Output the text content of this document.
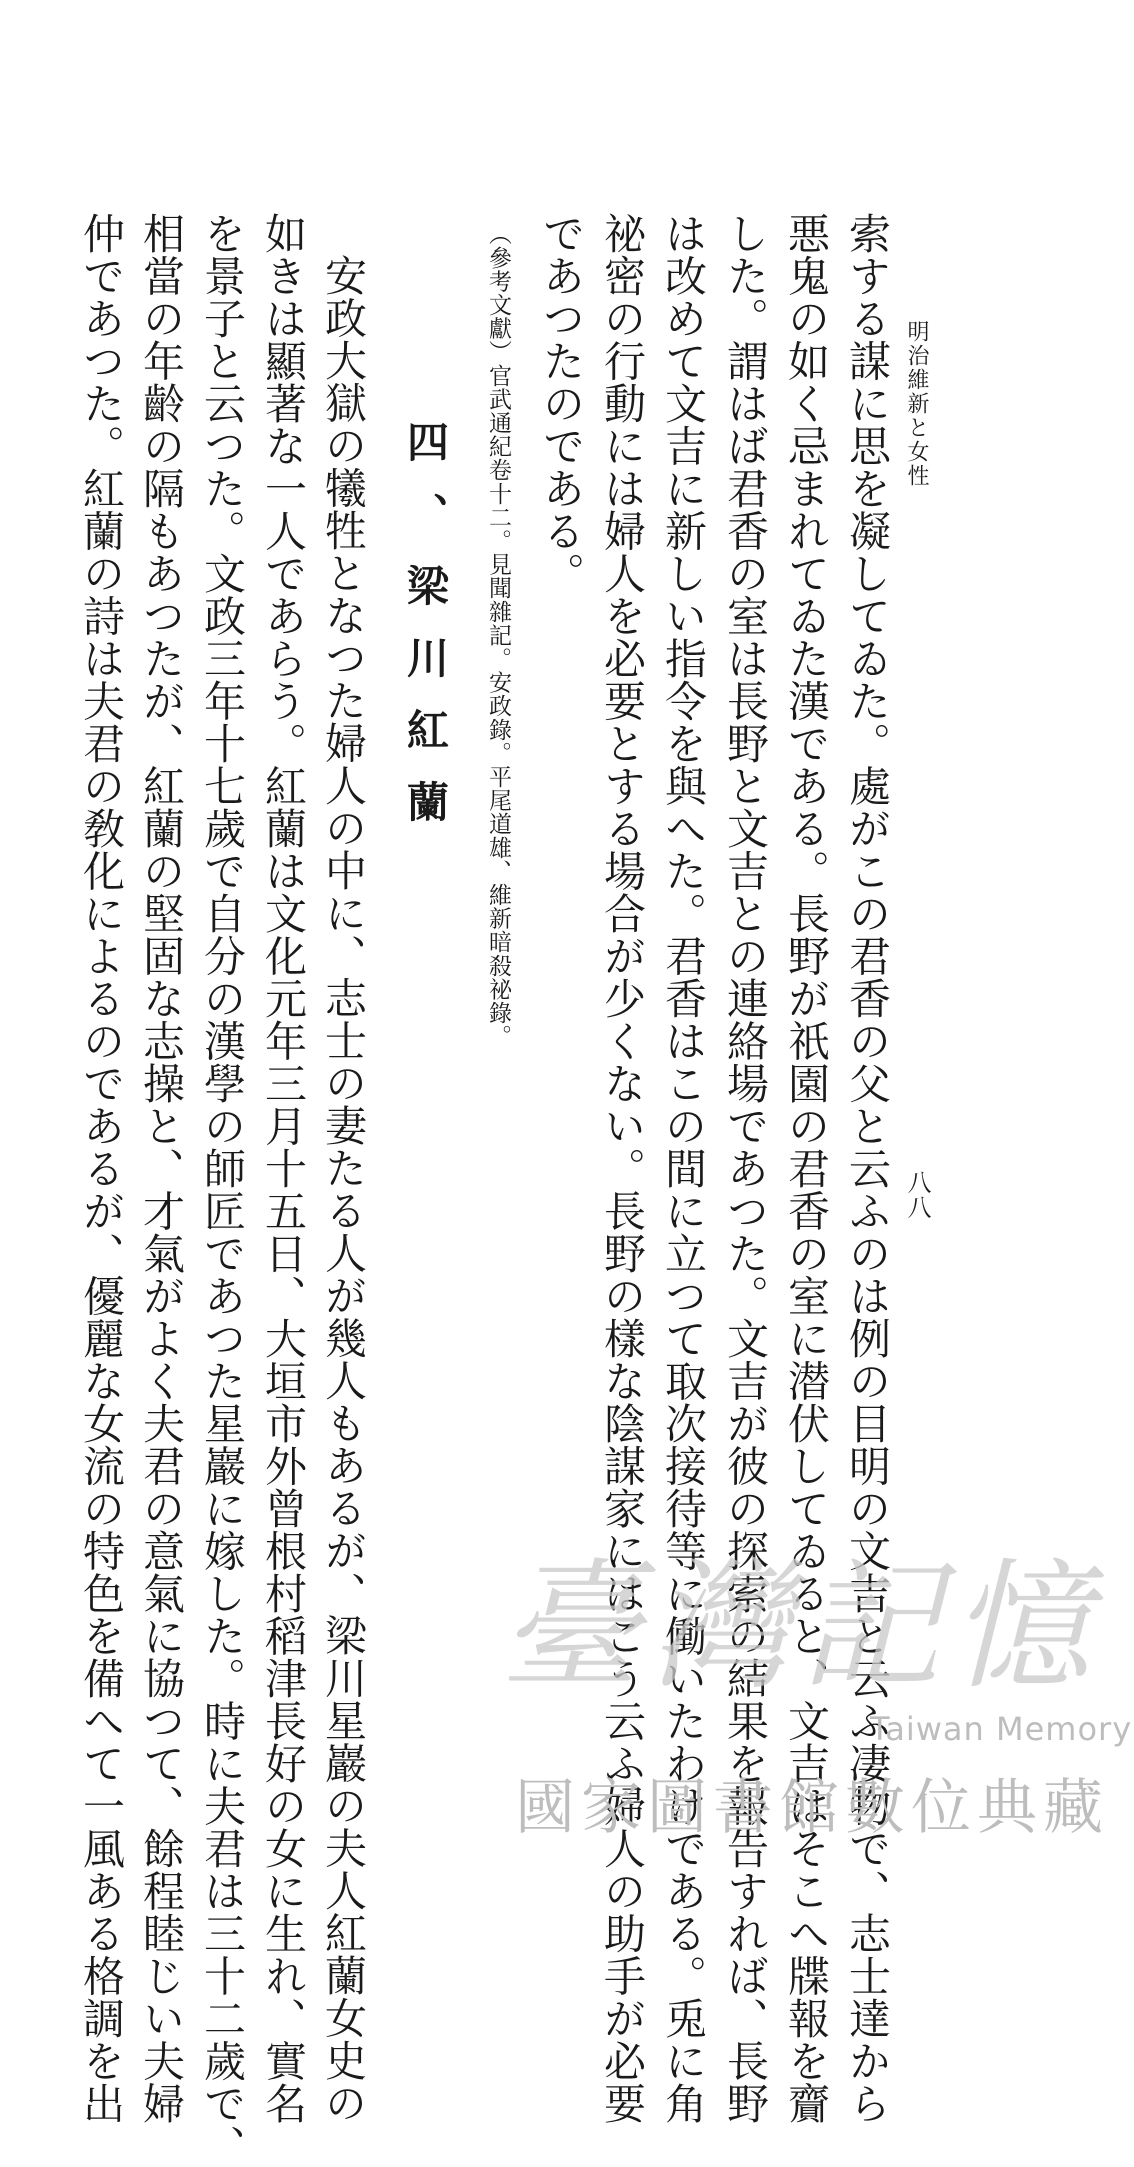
明治維新と女性
八八
索する謀に思を凝してゐた。處がこの君香の父と云ふのは例の目明の文吉と云ふ凄物で、志士達から
悪鬼の如く忌まれてゐた漢である。長野が祇園の君香の室に潜伏してゐると、文吉はそこへ牒報を齎
した。謂はば君香の室は長野と文吉との連絡場であつた。文吉が彼の探索の結果を報告すれば、長野
は改めて文吉に新しい指令を與へた。君香はこの間に立つて取次接待等に働いたわけである。兎に角
祕密の行動には婦人を必要とする場合が少くない。長野の樣な陰謀家にはこう云ふ婦人の助手が必要
であつたのである。
（參考文獻）官武通紀卷十二。見聞雜記。安政錄。平尾道雄、維新暗殺祕錄。
四、梁川紅蘭
安政大獄の犧牲となつた婦人の中に、志士の妻たる人が幾人もあるが、梁川星巖の夫人紅蘭女史の
如きは顯著な一人であらう。紅蘭は文化元年三月十五日、大垣市外曾根村稻津長好の女に生れ、實名
を景子と云つた。文政三年十七歲で自分の漢學の師匠であつた星巖に嫁した。時に夫君は三十二歲で、
相當の年齡の隔もあつたが、紅蘭の堅固な志操と、才氣がよく夫君の意氣に協つて、餘程睦じい夫婦
仲であつた。紅蘭の詩は夫君の敎化によるのであるが、優麗な女流の特色を備へて一風ある格調を出	臺灣記憶
Taiwan Memory
國家圖書館數位典藏
